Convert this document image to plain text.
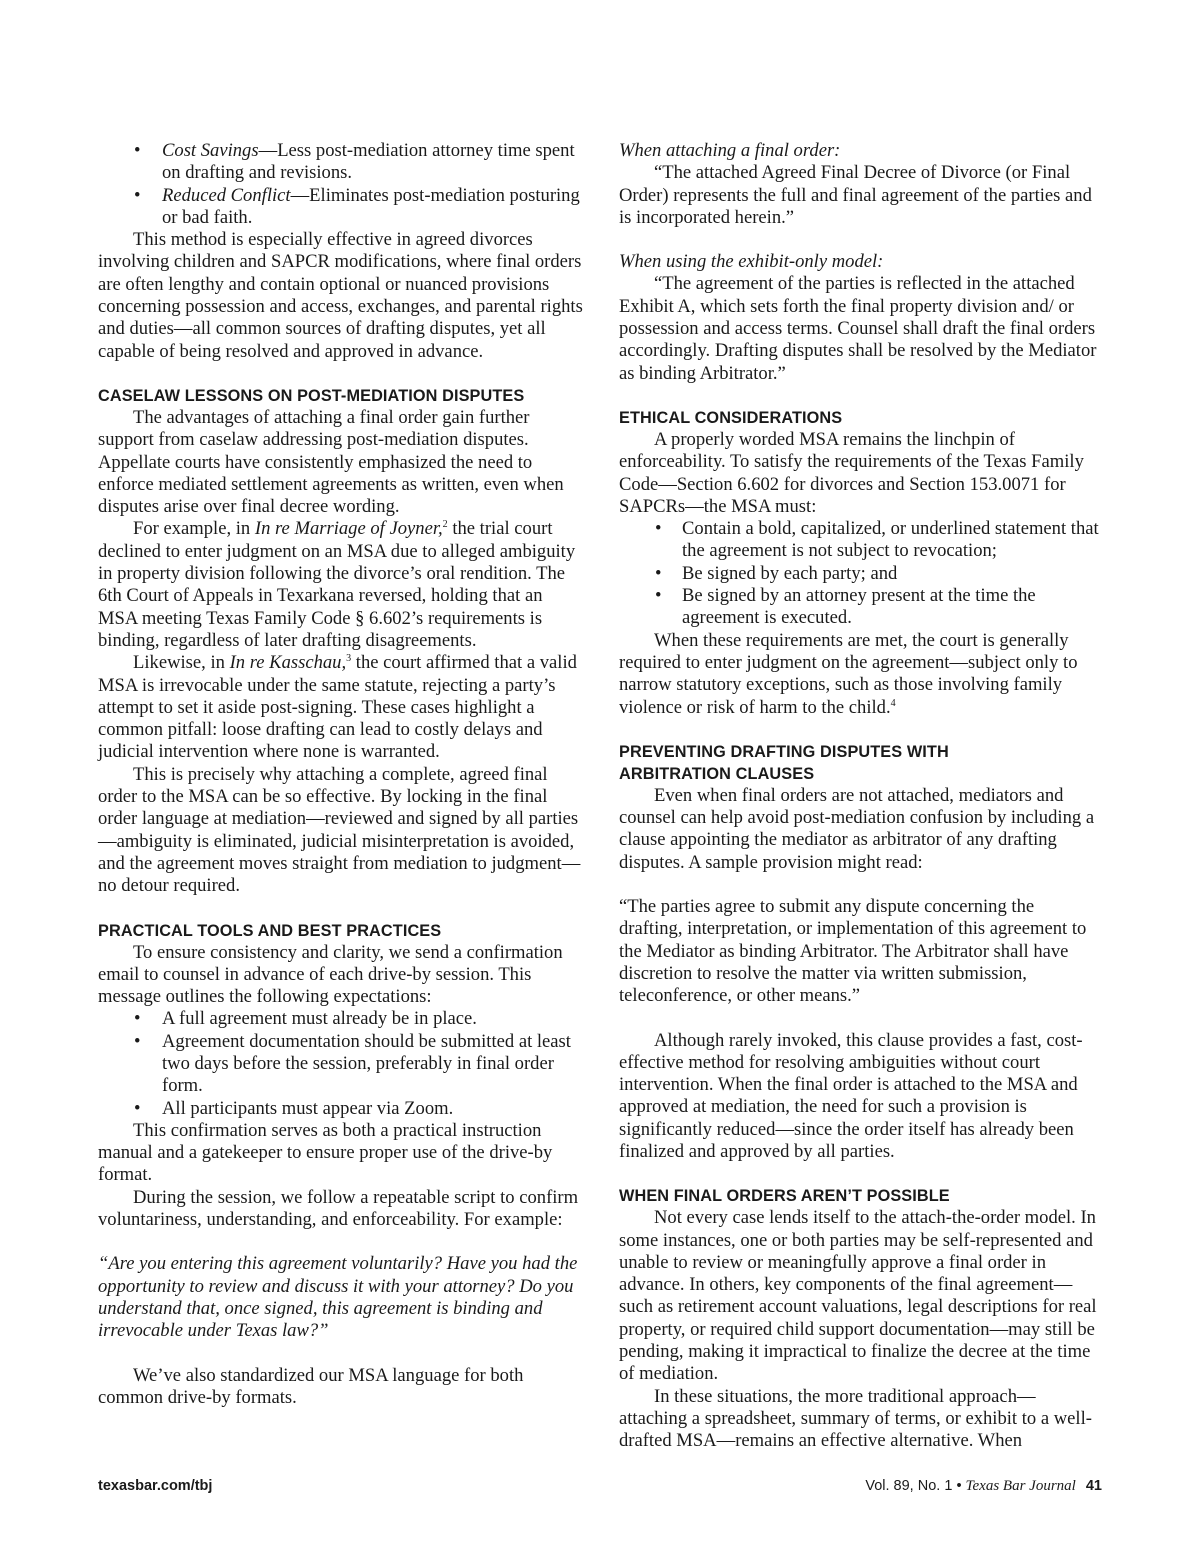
• Cost Savings—Less post-mediation attorney time spent on drafting and revisions.
• Reduced Conflict—Eliminates post-mediation posturing or bad faith.

This method is especially effective in agreed divorces involving children and SAPCR modifications, where final orders are often lengthy and contain optional or nuanced provisions concerning possession and access, exchanges, and parental rights and duties—all common sources of drafting disputes, yet all capable of being resolved and approved in advance.

CASELAW LESSONS ON POST-MEDIATION DISPUTES

The advantages of attaching a final order gain further support from caselaw addressing post-mediation disputes. Appellate courts have consistently emphasized the need to enforce mediated settlement agreements as written, even when disputes arise over final decree wording.

For example, in In re Marriage of Joyner,$^2$ the trial court declined to enter judgment on an MSA due to alleged ambiguity in property division following the divorce’s oral rendition. The 6th Court of Appeals in Texarkana reversed, holding that an MSA meeting Texas Family Code § 6.602’s requirements is binding, regardless of later drafting disagreements.

Likewise, in In re Kasschau,$^3$ the court affirmed that a valid MSA is irrevocable under the same statute, rejecting a party’s attempt to set it aside post-signing. These cases highlight a common pitfall: loose drafting can lead to costly delays and judicial intervention where none is warranted.

This is precisely why attaching a complete, agreed final order to the MSA can be so effective. By locking in the final order language at mediation—reviewed and signed by all parties—ambiguity is eliminated, judicial misinterpretation is avoided, and the agreement moves straight from mediation to judgment—no detour required.

PRACTICAL TOOLS AND BEST PRACTICES

To ensure consistency and clarity, we send a confirmation email to counsel in advance of each drive-by session. This message outlines the following expectations:

• A full agreement must already be in place.
• Agreement documentation should be submitted at least two days before the session, preferably in final order form.
• All participants must appear via Zoom.

This confirmation serves as both a practical instruction manual and a gatekeeper to ensure proper use of the drive-by format.

During the session, we follow a repeatable script to confirm voluntariness, understanding, and enforceability. For example:

“Are you entering this agreement voluntarily? Have you had the opportunity to review and discuss it with your attorney? Do you understand that, once signed, this agreement is binding and irrevocable under Texas law?”

We’ve also standardized our MSA language for both common drive-by formats.

When attaching a final order:

“The attached Agreed Final Decree of Divorce (or Final Order) represents the full and final agreement of the parties and is incorporated herein.”

When using the exhibit-only model:

“The agreement of the parties is reflected in the attached Exhibit A, which sets forth the final property division and/ or possession and access terms. Counsel shall draft the final orders accordingly. Drafting disputes shall be resolved by the Mediator as binding Arbitrator.”

ETHICAL CONSIDERATIONS

A properly worded MSA remains the linchpin of enforceability. To satisfy the requirements of the Texas Family Code—Section 6.602 for divorces and Section 153.0071 for SAPCRs—the MSA must:

• Contain a bold, capitalized, or underlined statement that the agreement is not subject to revocation;
• Be signed by each party; and
• Be signed by an attorney present at the time the agreement is executed.

When these requirements are met, the court is generally required to enter judgment on the agreement—subject only to narrow statutory exceptions, such as those involving family violence or risk of harm to the child.$^4$

PREVENTING DRAFTING DISPUTES WITH
ARBITRATION CLAUSES

Even when final orders are not attached, mediators and counsel can help avoid post-mediation confusion by including a clause appointing the mediator as arbitrator of any drafting disputes. A sample provision might read:

“The parties agree to submit any dispute concerning the drafting, interpretation, or implementation of this agreement to the Mediator as binding Arbitrator. The Arbitrator shall have discretion to resolve the matter via written submission, teleconference, or other means.”

Although rarely invoked, this clause provides a fast, cost-effective method for resolving ambiguities without court intervention. When the final order is attached to the MSA and approved at mediation, the need for such a provision is significantly reduced—since the order itself has already been finalized and approved by all parties.

WHEN FINAL ORDERS AREN’T POSSIBLE

Not every case lends itself to the attach-the-order model. In some instances, one or both parties may be self-represented and unable to review or meaningfully approve a final order in advance. In others, key components of the final agreement—such as retirement account valuations, legal descriptions for real property, or required child support documentation—may still be pending, making it impractical to finalize the decree at the time of mediation.

In these situations, the more traditional approach—attaching a spreadsheet, summary of terms, or exhibit to a well-drafted MSA—remains an effective alternative. When

texasbar.com/tbj	Vol. 89, No. 1 • Texas Bar Journal 41
